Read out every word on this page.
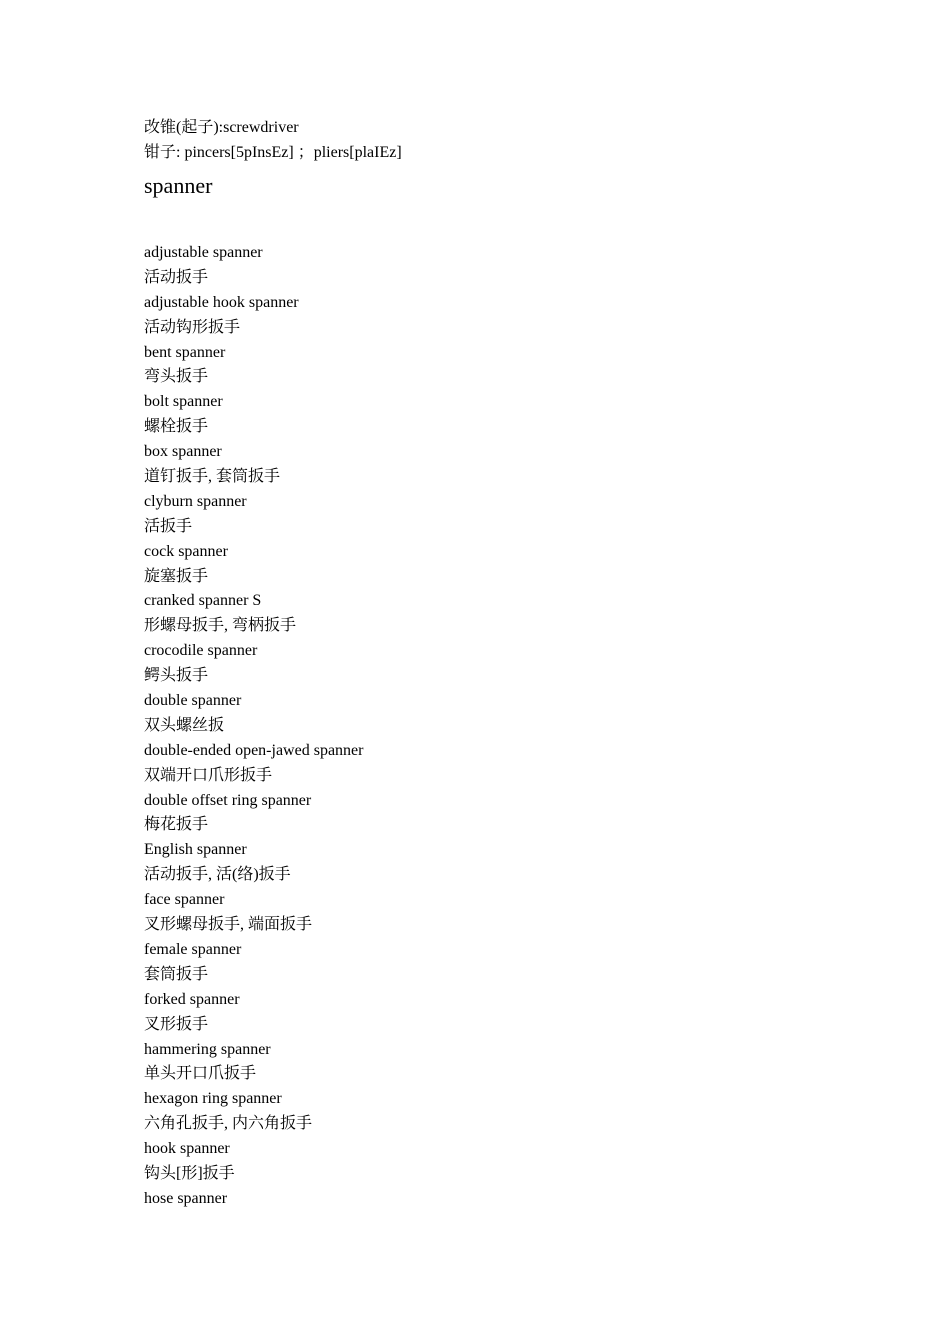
改锥(起子):screwdriver
钳子: pincers[5pInsEz] ；pliers[plaIEz]
spanner
adjustable spanner
活动扳手
adjustable hook spanner
活动钩形扳手
bent spanner
弯头扳手
bolt spanner
螺栓扳手
box spanner
道钉扳手, 套筒扳手
clyburn spanner
活扳手
cock spanner
旋塞扳手
cranked spanner S
形螺母扳手, 弯柄扳手
crocodile spanner
鳄头扳手
double spanner
双头螺丝扳
double-ended open-jawed spanner
双端开口爪形扳手
double offset ring spanner
梅花扳手
English spanner
活动扳手, 活(络)扳手
face spanner
叉形螺母扳手, 端面扳手
female spanner
套筒扳手
forked spanner
叉形扳手
hammering spanner
单头开口爪扳手
hexagon ring spanner
六角孔扳手, 内六角扳手
hook spanner
钩头[形]扳手
hose spanner
